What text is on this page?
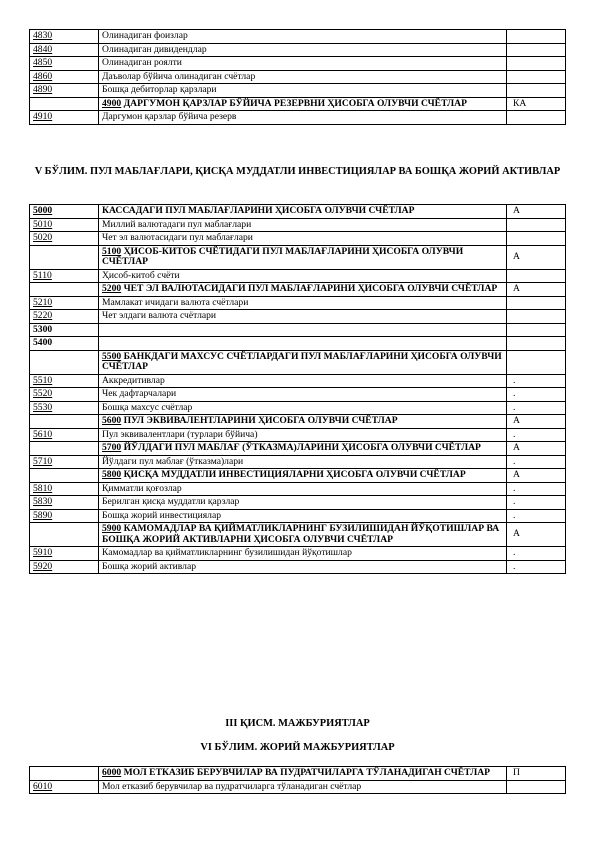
4830	Олинадиган фоизлар	
4840	Олинадиган дивидендлар	
4850	Олинадиган роялти	
4860	Даъволар бўйича олинадиган счётлар	
4890	Бошқа дебиторлар қарзлари	
	4900 ДАРГУМОН ҚАРЗЛАР БЎЙИЧА РЕЗЕРВНИ ҲИСОБГА ОЛУВЧИ СЧЁТЛАР	КА
4910	Даргумон қарзлар бўйича резерв	
V БЎЛИМ. ПУЛ МАБЛАҒЛАРИ, ҚИСҚА МУДДАТЛИ ИНВЕСТИЦИЯЛАР ВА БОШҚА ЖОРИЙ АКТИВЛАР
5000	КАССАДАГИ ПУЛ МАБЛАҒЛАРИНИ ҲИСОБГА ОЛУВЧИ СЧЁТЛАР	А
5010	Миллий валютадаги пул маблағлари	
5020	Чет эл валютасидаги пул маблағлари	
	5100 ҲИСОБ-КИТОБ СЧЁТИДАГИ ПУЛ МАБЛАҒЛАРИНИ ҲИСОБГА ОЛУВЧИ СЧЁТЛАР	А
5110	Ҳисоб-китоб счёти	
	5200 ЧЕТ ЭЛ ВАЛЮТАСИДАГИ ПУЛ МАБЛАҒЛАРИНИ ҲИСОБГА ОЛУВЧИ СЧЁТЛАР	А
5210	Мамлакат ичидаги валюта счётлари	
5220	Чет элдаги валюта счётлари	
5300		
5400		
	5500 БАНКДАГИ МАХСУС СЧЁТЛАРДАГИ ПУЛ МАБЛАҒЛАРИНИ ҲИСОБГА ОЛУВЧИ СЧЁТЛАР	
5510	Аккредитивлар	.
5520	Чек дафтарчалари	.
5530	Бошқа махсус счётлар	.
	5600 ПУЛ ЭКВИВАЛЕНТЛАРИНИ ҲИСОБГА ОЛУВЧИ СЧЁТЛАР	А
5610	Пул эквивалентлари (турлари бўйича)	.
	5700 ЙЎЛДАГИ ПУЛ МАБЛАҒ (ЎТКАЗМА)ЛАРИНИ ҲИСОБГА ОЛУВЧИ СЧЁТЛАР	А
5710	Йўлдаги пул маблағ (ўтказма)лари	.
	5800 ҚИСҚА МУДДАТЛИ ИНВЕСТИЦИЯЛАРНИ ҲИСОБГА ОЛУВЧИ СЧЁТЛАР	А
5810	Қимматли қоғозлар	.
5830	Берилган қисқа муддатли қарзлар	.
5890	Бошқа жорий инвестициялар	.
	5900 КАМОМАДЛАР ВА ҚИЙМАТЛИКЛАРНИНГ БУЗИЛИШИДАН ЙЎҚОТИШЛАР ВА БОШҚА ЖОРИЙ АКТИВЛАРНИ ҲИСОБГА ОЛУВЧИ СЧЁТЛАР	А
5910	Камомадлар ва қийматликларнинг бузилишидан йўқотишлар	.
5920	Бошқа жорий активлар	.
III ҚИСМ. МАЖБУРИЯТЛАР
VI БЎЛИМ. ЖОРИЙ МАЖБУРИЯТЛАР
	6000 МОЛ ЕТКАЗИБ БЕРУВЧИЛАР ВА ПУДРАТЧИЛАРГА ТЎЛАНАДИГАН СЧЁТЛАР	П
6010	Мол етказиб берувчилар ва пудратчиларга тўланадиган счётлар	
